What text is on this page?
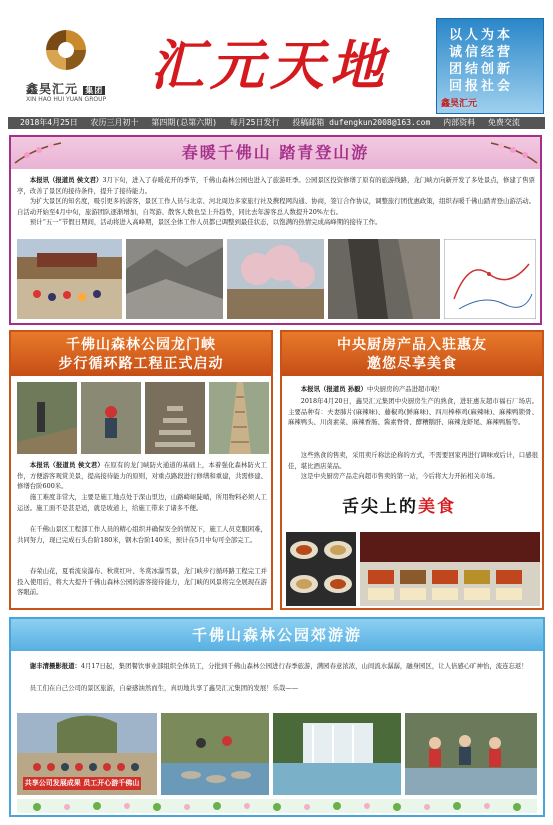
鑫昊汇元 集团
XIN HAO HUI YUAN GROUP
汇元天地	以人为本
诚信经营
团结创新
回报社会
鑫昊汇元
2018年4月25日 农历三月初十 第四期(总第六期) 每月25日发行 投稿邮箱 dufengkun2008@163.com 内部资料 免费交流
春暖千佛山 踏青登山游
本报讯（报道员 侯文君）3月下旬，进入了春暖花开的季节，千佛山森林公园也进入了旅游旺季。公园景区投资修缮了原有的旅游线路，龙门峡方向新开发了多处景点，修建了售票亭，改善了景区的接待条件，提升了接待能力。
为扩大景区的知名度，吸引更多的游客，景区工作人员与北京、河北周边多家旅行社及携程网沟通、协商，签订合作协议，调整旅行团优惠政策，组织春暖千佛山踏青登山游活动。自活动开始至4月中旬，旅游团队逐渐增加，自驾游、散客人数也呈上升趋势，同比去年游客总人数提升20%左右。
预计“五一”节假日期间，活动将进入高峰期，景区全体工作人员都已调整到最佳状态，以饱满的热情完成高峰期的接待工作。
千佛山森林公园龙门峡
步行循环路工程正式启动
本报讯（报道员 侯文君）在原有的龙门峡防火通道的基础上，本着强化森林防火工作，方便游客观赏美景，提高接待能力的原则，对重点路段进行修缮和重建，共需修建、修缮台阶600米。
施工难度非常大，主要是施工地点处于深山里边，山路崎岖陡峭，所用物料必须人工运送。施工面不是甚是适，就是坡道上，给施工带来了诸多不便。
在千佛山景区工程部工作人员的精心组织并确保安全的情况下，施工人员克服困难，共同努力，现已完成石头台阶180米，钢木台阶140米，预计在5月中旬可全部完工。
春荣山花，夏看流泉瀑布、秋赏红叶、冬赏冰瀑雪景，龙门峡步行循环路工程完工并投入使用后，将大大提升千佛山森林公园的游客接待能力，龙门峡的风景将完全展现在游客眼前。
中央厨房产品入驻惠友
邀您尽享美食
本报讯（报道员 孙毅）中央厨房的产品进超市啦！
2018年4月20日，鑫昊汇元集团中央厨房生产的熟食，进驻惠友超市福石厂场店。主要品种有：夫妻肺片(麻辣味)、藤椒鸡(鲜麻味)、四川棒棒鸡(麻辣味)、麻辣鸭锁骨、麻辣鸭头、川卤素菜、麻辣香肠、酱素脊骨、酵糟鹅肝、麻辣龙虾尾、麻辣鸭肠等。
这些熟食的售卖，采用卖斤称法论称的方式，不需要回家再进行调味或后计，口感很佳，堪比酒店菜品。
这是中央厨房产品走向超市售卖的第一站，今后将大力开拓相关市场。
舌尖上的美食
千佛山森林公园郊游游
谢丰清摄影报道：4月17日起，集团餐饮事业部组织全体员工，分批到千佛山森林公园进行春季旅游，满园春意浓浓，山间流水潺潺，融身园区，让人倍感心旷神怡，流连忘返！
员工们在自己公司的景区旅游，自豪感油然而生，真切地共享了鑫昊汇元集团的发展！乐哉——
共享公司发展成果 员工开心游千佛山
